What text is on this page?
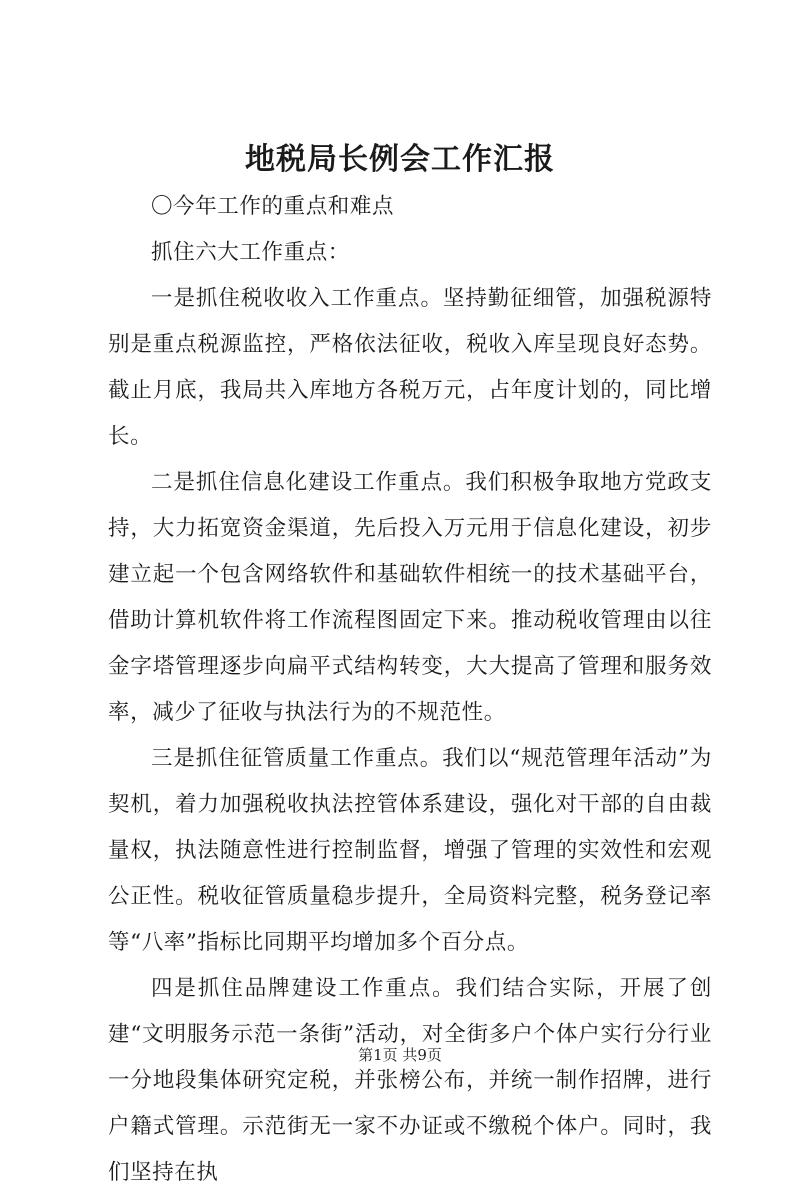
地税局长例会工作汇报

〇今年工作的重点和难点

抓住六大工作重点：

一是抓住税收收入工作重点。坚持勤征细管，加强税源特别是重点税源监控，严格依法征收，税收入库呈现良好态势。截止月底，我局共入库地方各税万元，占年度计划的，同比增长。

二是抓住信息化建设工作重点。我们积极争取地方党政支持，大力拓宽资金渠道，先后投入万元用于信息化建设，初步建立起一个包含网络软件和基础软件相统一的技术基础平台，借助计算机软件将工作流程图固定下来。推动税收管理由以往金字塔管理逐步向扁平式结构转变，大大提高了管理和服务效率，减少了征收与执法行为的不规范性。

三是抓住征管质量工作重点。我们以“规范管理年活动”为契机，着力加强税收执法控管体系建设，强化对干部的自由裁量权，执法随意性进行控制监督，增强了管理的实效性和宏观公正性。税收征管质量稳步提升，全局资料完整，税务登记率等“八率”指标比同期平均增加多个百分点。

四是抓住品牌建设工作重点。我们结合实际，开展了创建“文明服务示范一条街”活动，对全街多户个体户实行分行业一分地段集体研究定税，并张榜公布，并统一制作招牌，进行户籍式管理。示范街无一家不办证或不缴税个体户。同时，我们坚持在执

第1页 共9页
